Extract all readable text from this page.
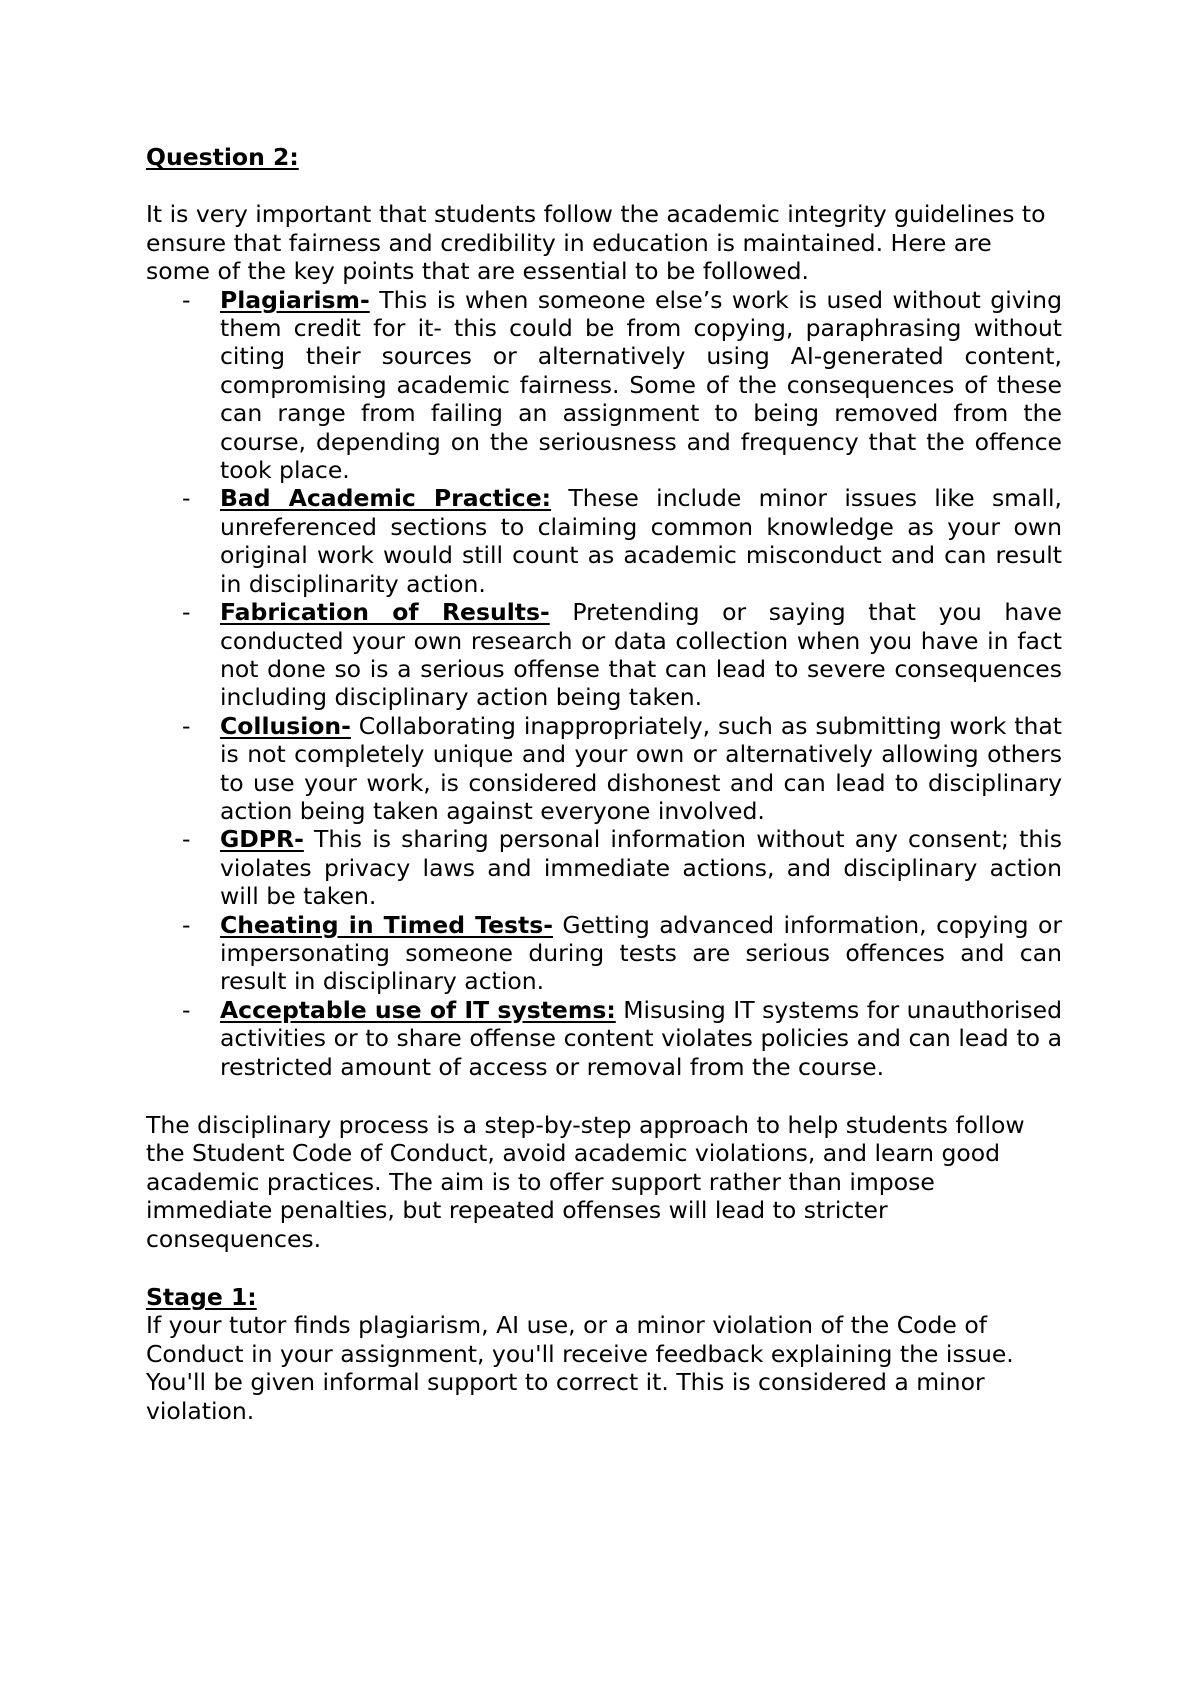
Question 2:

It is very important that students follow the academic integrity guidelines to ensure that fairness and credibility in education is maintained. Here are some of the key points that are essential to be followed.

- Plagiarism- This is when someone else’s work is used without giving them credit for it- this could be from copying, paraphrasing without citing their sources or alternatively using AI-generated content, compromising academic fairness. Some of the consequences of these can range from failing an assignment to being removed from the course, depending on the seriousness and frequency that the offence took place.
- Bad Academic Practice: These include minor issues like small, unreferenced sections to claiming common knowledge as your own original work would still count as academic misconduct and can result in disciplinarity action.
- Fabrication of Results- Pretending or saying that you have conducted your own research or data collection when you have in fact not done so is a serious offense that can lead to severe consequences including disciplinary action being taken.
- Collusion- Collaborating inappropriately, such as submitting work that is not completely unique and your own or alternatively allowing others to use your work, is considered dishonest and can lead to disciplinary action being taken against everyone involved.
- GDPR- This is sharing personal information without any consent; this violates privacy laws and immediate actions, and disciplinary action will be taken.
- Cheating in Timed Tests- Getting advanced information, copying or impersonating someone during tests are serious offences and can result in disciplinary action.
- Acceptable use of IT systems: Misusing IT systems for unauthorised activities or to share offense content violates policies and can lead to a restricted amount of access or removal from the course.

The disciplinary process is a step-by-step approach to help students follow the Student Code of Conduct, avoid academic violations, and learn good academic practices. The aim is to offer support rather than impose immediate penalties, but repeated offenses will lead to stricter consequences.

Stage 1:

If your tutor finds plagiarism, AI use, or a minor violation of the Code of Conduct in your assignment, you'll receive feedback explaining the issue. You'll be given informal support to correct it. This is considered a minor violation.
